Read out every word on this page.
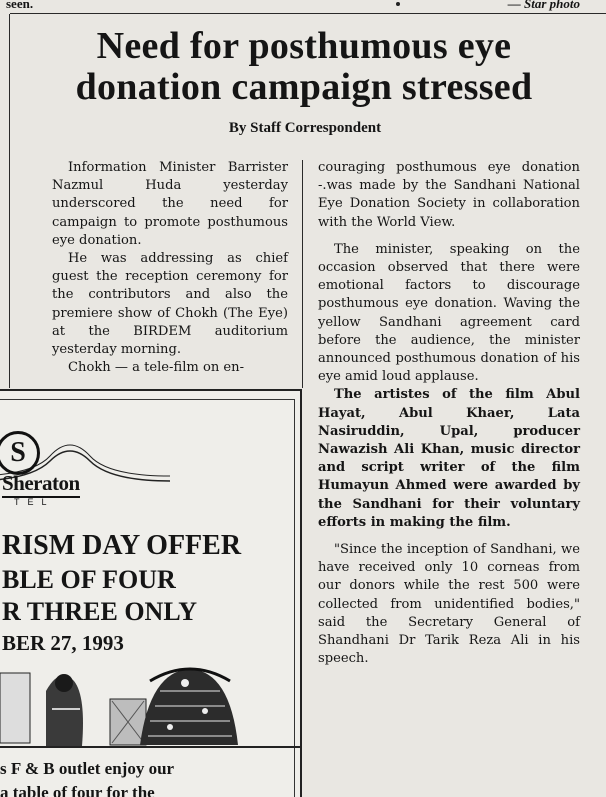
seen.	— Star photo
Need for posthumous eye
donation campaign stressed
By Staff Correspondent

Information Minister Barrister Nazmul Huda yesterday underscored the need for campaign to promote posthumous eye donation.

He was addressing as chief guest the reception ceremony for the contributors and also the premiere show of Chokh (The Eye) at the BIRDEM auditorium yesterday morning.

Chokh — a tele-film on en-

couraging posthumous eye donation -.was made by the Sandhani National Eye Donation Society in collaboration with the World View.

The minister, speaking on the occasion observed that there were emotional factors to discourage posthumous eye donation. Waving the yellow Sandhani agreement card before the audience, the minister announced posthumous donation of his eye amid loud applause.

The artistes of the film Abul Hayat, Abul Khaer, Lata Nasiruddin, Upal, producer Nawazish Ali Khan, music director and script writer of the film Humayun Ahmed were awarded by the Sandhani for their voluntary efforts in making the film.

"Since the inception of Sandhani, we have received only 10 corneas from our donors while the rest 500 were collected from unidentified bodies," said the Secretary General of Shandhani Dr Tarik Reza Ali in his speech.

S
Sheraton
TEL
RISM DAY OFFER
BLE OF FOUR
R THREE ONLY
BER 27, 1993
s F & B outlet enjoy our
a table of four for the
